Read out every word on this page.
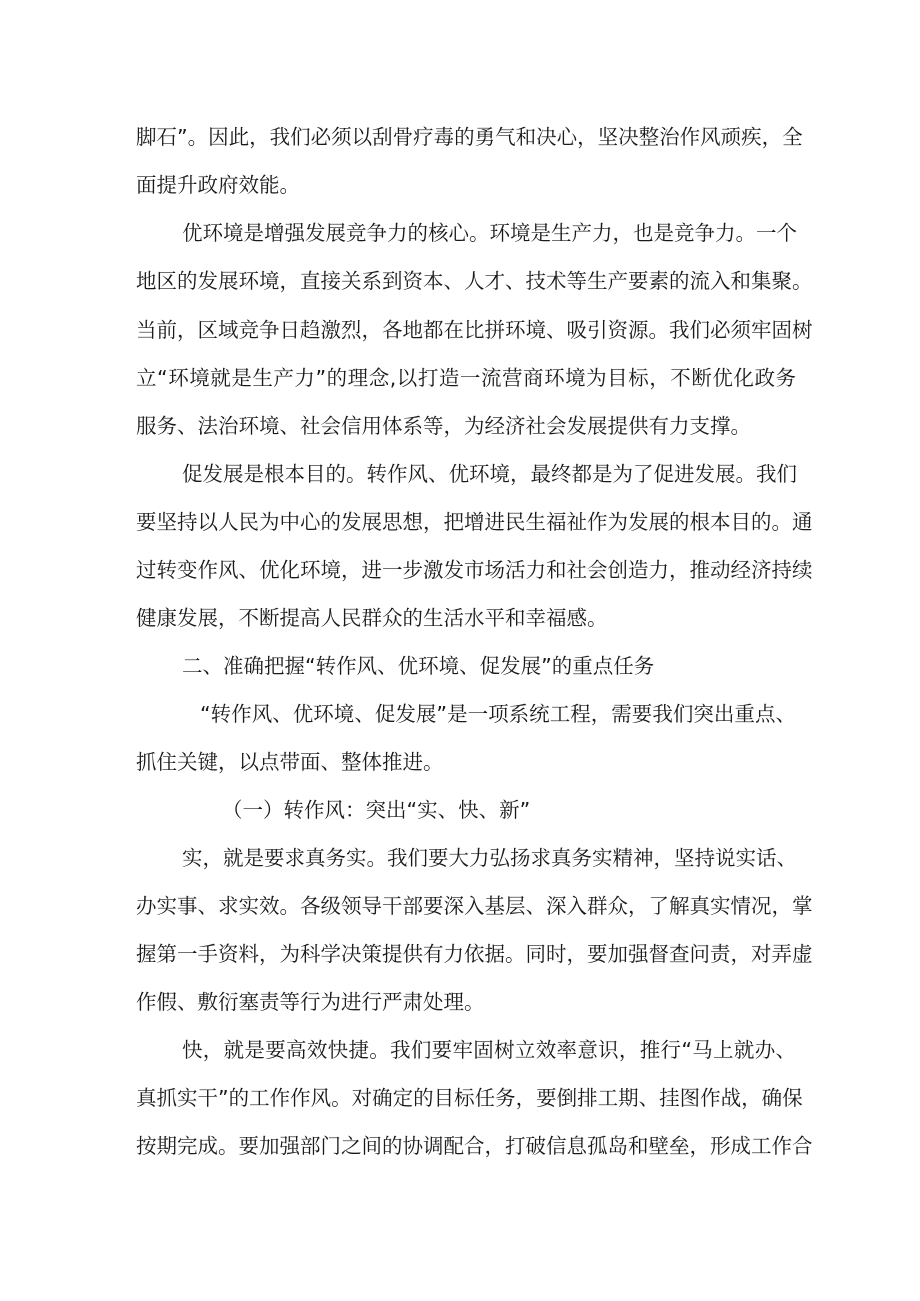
脚石”。因此，我们必须以刮骨疗毒的勇气和决心，坚决整治作风顽疾，全
面提升政府效能。
优环境是增强发展竞争力的核心。环境是生产力，也是竞争力。一个
地区的发展环境，直接关系到资本、人才、技术等生产要素的流入和集聚。
当前，区域竞争日趋激烈，各地都在比拼环境、吸引资源。我们必须牢固树
立“环境就是生产力”的理念,以打造一流营商环境为目标，不断优化政务
服务、法治环境、社会信用体系等，为经济社会发展提供有力支撑。
促发展是根本目的。转作风、优环境，最终都是为了促进发展。我们
要坚持以人民为中心的发展思想，把增进民生福祉作为发展的根本目的。通
过转变作风、优化环境，进一步激发市场活力和社会创造力，推动经济持续
健康发展，不断提高人民群众的生活水平和幸福感。
二、准确把握“转作风、优环境、促发展”的重点任务
“转作风、优环境、促发展”是一项系统工程，需要我们突出重点、
抓住关键，以点带面、整体推进。
（一）转作风：突出“实、快、新”
实，就是要求真务实。我们要大力弘扬求真务实精神，坚持说实话、
办实事、求实效。各级领导干部要深入基层、深入群众，了解真实情况，掌
握第一手资料，为科学决策提供有力依据。同时，要加强督查问责，对弄虚
作假、敷衍塞责等行为进行严肃处理。
快，就是要高效快捷。我们要牢固树立效率意识，推行“马上就办、
真抓实干”的工作作风。对确定的目标任务，要倒排工期、挂图作战，确保
按期完成。要加强部门之间的协调配合，打破信息孤岛和壁垒，形成工作合
